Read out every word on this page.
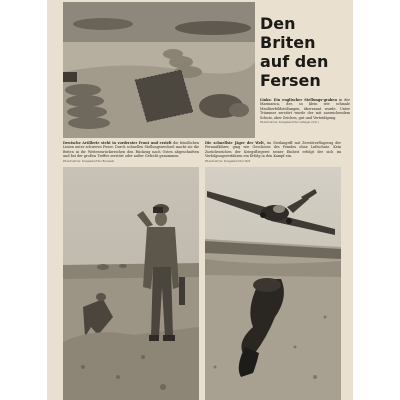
Den
Briten
auf den
Fersen
Links: Ein englischer Stellungs-graben in der Marmarica, der, so klein wie schmale Maultierfeldstellungen, überrannt wurde. Unter Trümmer zerstört wurde der mit ausreichendem Schutz, aber Zeichen, gut und Verteidigung.
PK-Aufnahme: Kriegsberichter Gsteiger (Sch.)
Deutsche Artillerie steht in vorderster Front und erzielt die feindlichen Linien unter schweres Feuer. Durch schnellen Stellungswechsel macht sie die Briten in ihr Weiterzurückweichen den Rückzug nach Osten abgeschnitten und bei der großen Treffer zerstört oder außer Gefecht genommen.
PK-Aufnahme: Kriegsberichter Borowski
Die schnellste Jäger der Welt, im Steilangriff mit Zerstörerflugzeug der Fernaufklärer, ging wie Geschosse des Feindes ohne Luftschutz. Kein Zurückweichen der Kriegsfliegerei seiner Einheit erfolgt der sich im Verfolgungsverfahren ein Erfolg in den Kampf ein.
PK-Aufnahme: Kriegsberichter Wolf
